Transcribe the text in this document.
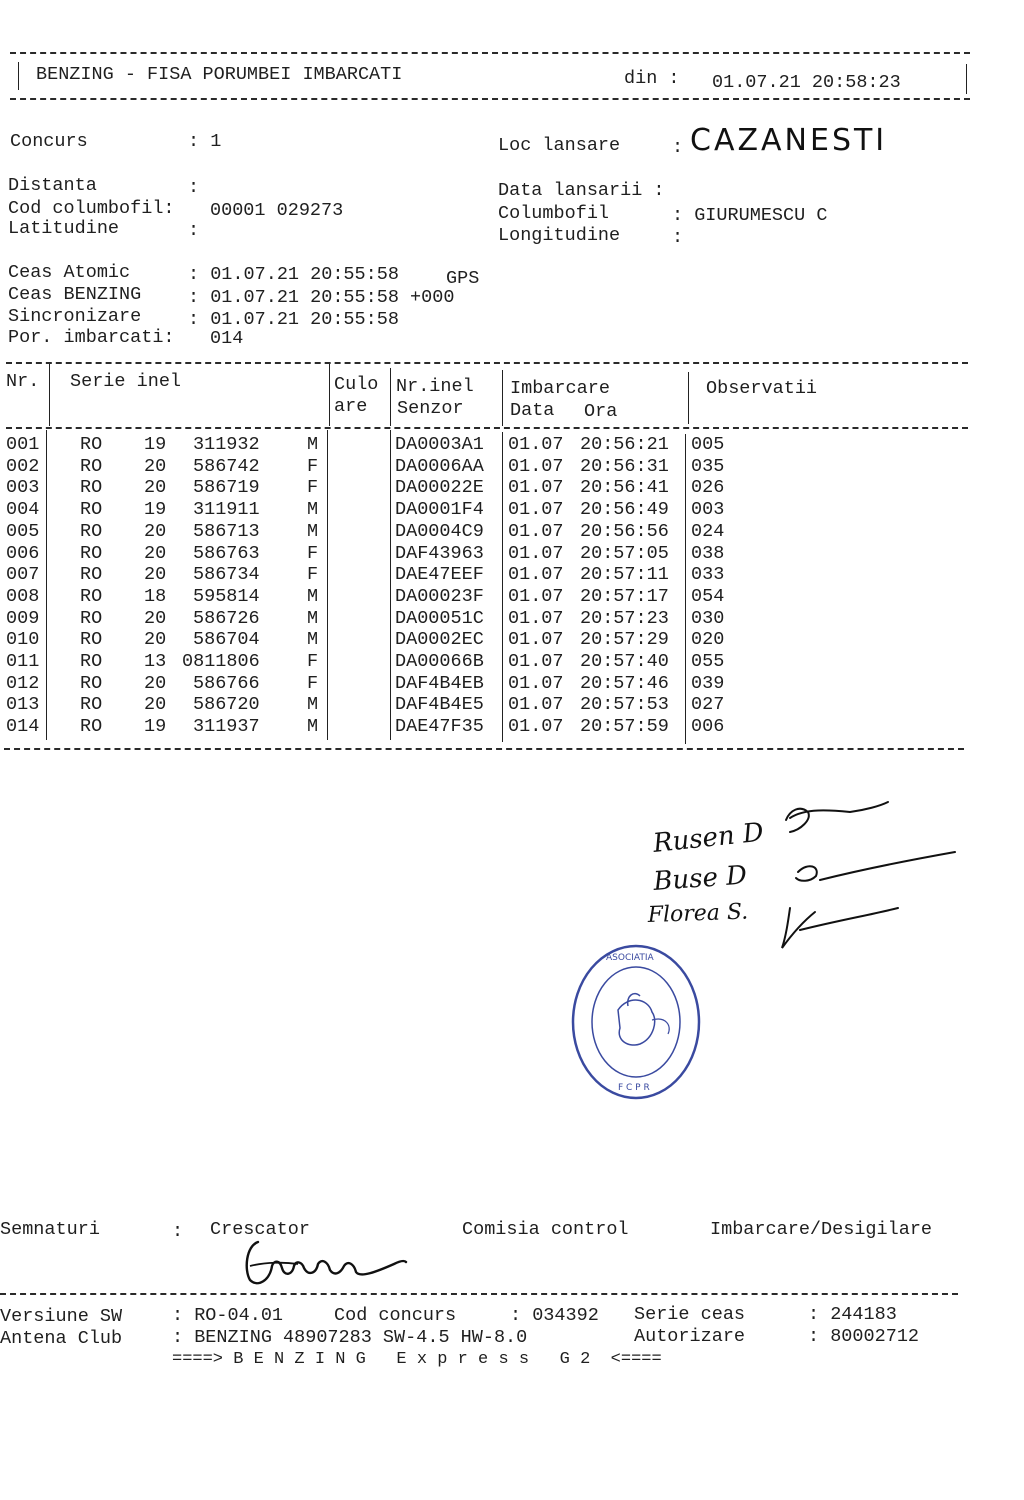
BENZING - FISA PORUMBEI IMBARCATI	din : 01.07.21 20:58:23
Concurs	: 1	Loc lansare	: CAZANESTI
Distanta	:
Cod columbofil: 00001 029273
Latitudine	:
Data lansarii :
Columbofil	: GIURUMESCU C
Longitudine	:
Ceas Atomic	: 01.07.21 20:55:58	GPS
Ceas BENZING	: 01.07.21 20:55:58 +000
Sincronizare	: 01.07.21 20:55:58
Por. imbarcati: 014
Nr. Serie inel	Culo
are
Nr.inel
Senzor
Imbarcare
Data Ora
Observatii
001 RO 19 311932	M	DA0003A1 01.07 20:56:21 005
002 RO 20 586742	F	DA0006AA 01.07 20:56:31 035
003 RO 20 586719	F	DA00022E 01.07 20:56:41 026
004 RO 19 311911	M	DA0001F4 01.07 20:56:49 003
005 RO 20 586713	M	DA0004C9 01.07 20:56:56 024
006 RO 20 586763	F	DAF43963 01.07 20:57:05 038
007 RO 20 586734	F	DAE47EEF 01.07 20:57:11 033
008 RO 18 595814	M	DA00023F 01.07 20:57:17 054
009 RO 20 586726	M	DA00051C 01.07 20:57:23 030
010 RO 20 586704	M	DA0002EC 01.07 20:57:29 020
011 RO 13 0811806	F	DA00066B 01.07 20:57:40 055
012 RO 20 586766	F	DAF4B4EB 01.07 20:57:46 039
013 RO 20 586720	M	DAF4B4E5 01.07 20:57:53 027
014 RO 19 311937	M	DAE47F35 01.07 20:57:59 006
Rusen D
Buse D
Florea S.
ASOCIATIA
F C P R
Semnaturi	: Crescator	Comisia control	Imbarcare/Desigilare
Versiune SW	: RO-04.01	Cod concurs	: 034392 Serie ceas	: 244183
Antena Club	: BENZING 48907283 SW-4.5 HW-8.0	Autorizare	: 80002712
====> B E N Z I N G   E x p r e s s   G 2  <====
